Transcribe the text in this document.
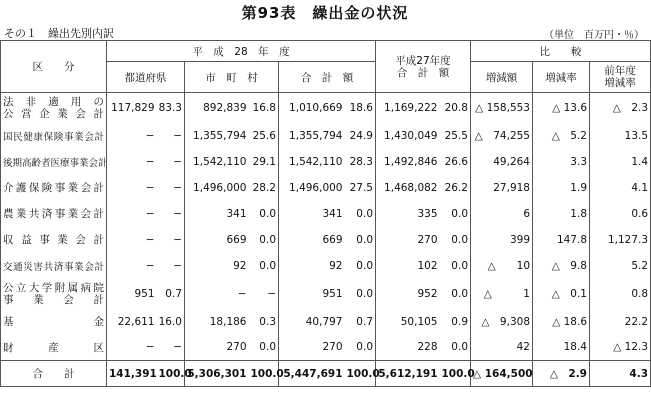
第93表　繰出金の状況
その１　繰出先別内訳	（単位　百万円・％）
区　　分	平　成　28　年　度						平成27年度
合　計　額		比　　較		
	都道府県		市　町　村		合　計　額				増減額	増減率	前年度
増減率

法非適用の
公営企業会計	117,829	83.3	892,839	16.8	1,010,669	18.6	1,169,222	20.8	△ 158,553	△ 13.6	△　2.3
国民健康保険事業会計	−	−	1,355,794	25.6	1,355,794	24.9	1,430,049	25.5	△　74,255	△　5.2	13.5
後期高齢者医療事業会計	−	−	1,542,110	29.1	1,542,110	28.3	1,492,846	26.6	49,264	3.3	1.4
介護保険事業会計	−	−	1,496,000	28.2	1,496,000	27.5	1,468,082	26.2	27,918	1.9	4.1
農業共済事業会計	−	−	341	0.0	341	0.0	335	0.0	6	1.8	0.6
収益事業会計	−	−	669	0.0	669	0.0	270	0.0	399	147.8	1,127.3
交通災害共済事業会計	−	−	92	0.0	92	0.0	102	0.0	△　　10	△　9.8	5.2

公立大学附属病院
事業会計	951	0.7	−	−	951	0.0	952	0.0	△　　　1	△　0.1	0.8
基金	22,611	16.0	18,186	0.3	40,797	0.7	50,105	0.9	△　9,308	△ 18.6	22.2
財産区	−	−	270	0.0	270	0.0	228	0.0	42	18.4	△ 12.3
合　　計	141,391	100.0	5,306,301	100.0	5,447,691	100.0	5,612,191	100.0	△ 164,500	△　2.9	4.3
